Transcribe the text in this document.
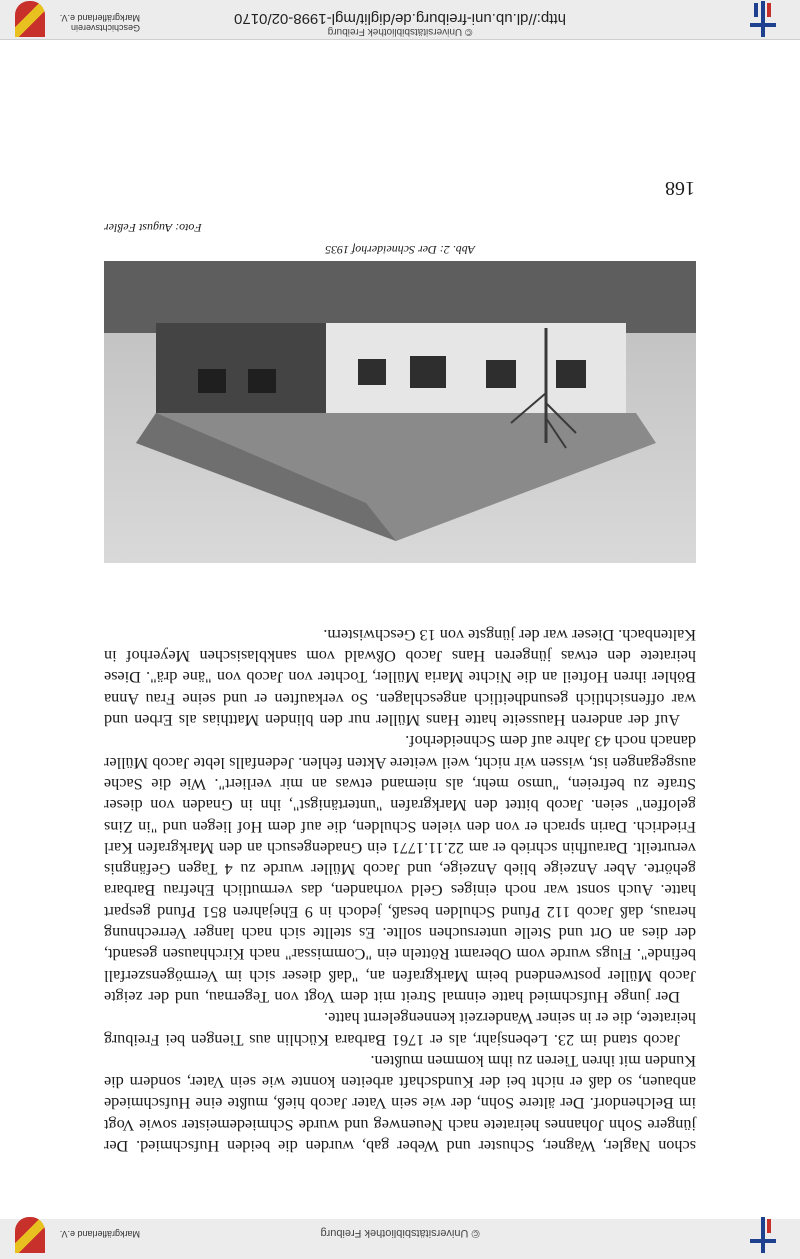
© Universitätsbibliothek Freiburg
http://dl.ub.uni-freiburg.de/diglit/mgl-1998-02/0170
Geschichtsverein
Markgräflerland e.V.
© Universitätsbibliothek Freiburg
Markgräflerland e.V.

schon Nagler, Wagner, Schuster und Weber gab, wurden die beiden Hufschmied. Der jüngere Sohn Johannes heiratete nach Neuenweg und wurde Schmiedemeister sowie Vogt im Belchendorf. Der ältere Sohn, der wie sein Vater Jacob hieß, mußte eine Hufschmiede anbauen, so daß er nicht bei der Kundschaft arbeiten konnte wie sein Vater, sondern die Kunden mit ihren Tieren zu ihm kommen mußten.

Jacob stand im 23. Lebensjahr, als er 1761 Barbara Küchlin aus Tiengen bei Freiburg heiratete, die er in seiner Wanderzeit kennengelernt hatte.

Der junge Hufschmied hatte einmal Streit mit dem Vogt von Tegernau, und der zeigte Jacob Müller postwendend beim Markgrafen an, "daß dieser sich im Vermögenszerfall befinde". Flugs wurde vom Oberamt Rötteln ein "Commissar" nach Kirchhausen gesandt, der dies an Ort und Stelle untersuchen sollte. Es stellte sich nach langer Verrechnung heraus, daß Jacob 112 Pfund Schulden besaß, jedoch in 9 Ehejahren 851 Pfund gespart hatte. Auch sonst war noch einiges Geld vorhanden, das vermutlich Ehefrau Barbara gehörte. Aber Anzeige blieb Anzeige, und Jacob Müller wurde zu 4 Tagen Gefängnis verurteilt. Daraufhin schrieb er am 22.11.1771 ein Gnadengesuch an den Markgrafen Karl Friedrich. Darin sprach er von den vielen Schulden, die auf dem Hof liegen und "in Zins geloffen" seien. Jacob bittet den Markgrafen "untertänigst", ihn in Gnaden von dieser Strafe zu befreien, "umso mehr, als niemand etwas an mir verliert". Wie die Sache ausgegangen ist, wissen wir nicht, weil weitere Akten fehlen. Jedenfalls lebte Jacob Müller danach noch 43 Jahre auf dem Schneiderhof.

Auf der anderen Hausseite hatte Hans Müller nur den blinden Matthias als Erben und war offensichtlich gesundheitlich angeschlagen. So verkauften er und seine Frau Anna Böhler ihren Hofteil an die Nichte Maria Müller, Tochter von Jacob von "äne drä". Diese heiratete den etwas jüngeren Hans Jacob Oßwald vom sankblasischen Meyerhof in Kaltenbach. Dieser war der jüngste von 13 Geschwistern.

Abb. 2: Der Schneiderhof 1935
Foto: August Feßler
168
